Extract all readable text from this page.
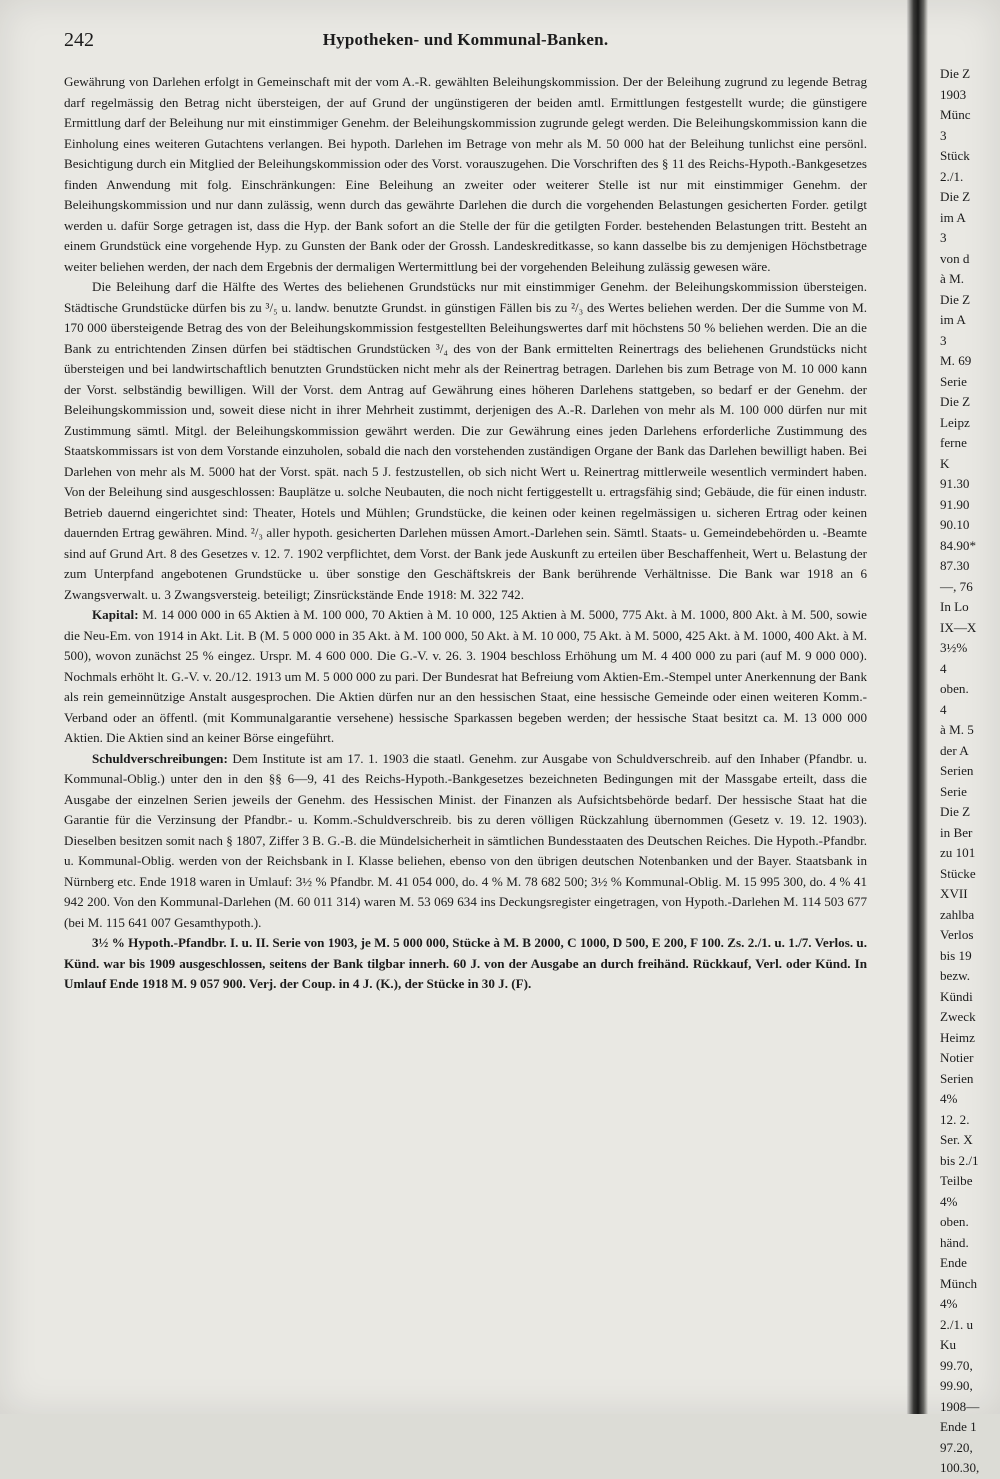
242	Hypotheken- und Kommunal-Banken.

Gewährung von Darlehen erfolgt in Gemeinschaft mit der vom A.-R. gewählten Beleihungskommission. Der der Beleihung zugrund zu legende Betrag darf regelmässig den Betrag nicht übersteigen, der auf Grund der ungünstigeren der beiden amtl. Ermittlungen festgestellt wurde; die günstigere Ermittlung darf der Beleihung nur mit einstimmiger Genehm. der Beleihungskommission zugrunde gelegt werden. Die Beleihungskommission kann die Einholung eines weiteren Gutachtens verlangen. Bei hypoth. Darlehen im Betrage von mehr als M. 50 000 hat der Beleihung tunlichst eine persönl. Besichtigung durch ein Mitglied der Beleihungskommission oder des Vorst. vorauszugehen. Die Vorschriften des § 11 des Reichs-Hypoth.-Bankgesetzes finden Anwendung mit folg. Einschränkungen: Eine Beleihung an zweiter oder weiterer Stelle ist nur mit einstimmiger Genehm. der Beleihungskommission und nur dann zulässig, wenn durch das gewährte Darlehen die durch die vorgehenden Belastungen gesicherten Forder. getilgt werden u. dafür Sorge getragen ist, dass die Hyp. der Bank sofort an die Stelle der für die getilgten Forder. bestehenden Belastungen tritt. Besteht an einem Grundstück eine vorgehende Hyp. zu Gunsten der Bank oder der Grossh. Landeskreditkasse, so kann dasselbe bis zu demjenigen Höchstbetrage weiter beliehen werden, der nach dem Ergebnis der dermaligen Wertermittlung bei der vorgehenden Beleihung zulässig gewesen wäre.

Die Beleihung darf die Hälfte des Wertes des beliehenen Grundstücks nur mit einstimmiger Genehm. der Beleihungskommission übersteigen. Städtische Grundstücke dürfen bis zu ³/₅ u. landw. benutzte Grundst. in günstigen Fällen bis zu ²/₃ des Wertes beliehen werden. Der die Summe von M. 170 000 übersteigende Betrag des von der Beleihungskommission festgestellten Beleihungswertes darf mit höchstens 50 % beliehen werden. Die an die Bank zu entrichtenden Zinsen dürfen bei städtischen Grundstücken ³/₄ des von der Bank ermittelten Reinertrags des beliehenen Grundstücks nicht übersteigen und bei landwirtschaftlich benutzten Grundstücken nicht mehr als der Reinertrag betragen. Darlehen bis zum Betrage von M. 10 000 kann der Vorst. selbständig bewilligen. Will der Vorst. dem Antrag auf Gewährung eines höheren Darlehens stattgeben, so bedarf er der Genehm. der Beleihungskommission und, soweit diese nicht in ihrer Mehrheit zustimmt, derjenigen des A.-R. Darlehen von mehr als M. 100 000 dürfen nur mit Zustimmung sämtl. Mitgl. der Beleihungskommission gewährt werden. Die zur Gewährung eines jeden Darlehens erforderliche Zustimmung des Staatskommissars ist von dem Vorstande einzuholen, sobald die nach den vorstehenden zuständigen Organe der Bank das Darlehen bewilligt haben. Bei Darlehen von mehr als M. 5000 hat der Vorst. spät. nach 5 J. festzustellen, ob sich nicht Wert u. Reinertrag mittlerweile wesentlich vermindert haben. Von der Beleihung sind ausgeschlossen: Bauplätze u. solche Neubauten, die noch nicht fertiggestellt u. ertragsfähig sind; Gebäude, die für einen industr. Betrieb dauernd eingerichtet sind: Theater, Hotels und Mühlen; Grundstücke, die keinen oder keinen regelmässigen u. sicheren Ertrag oder keinen dauernden Ertrag gewähren. Mind. ²/₃ aller hypoth. gesicherten Darlehen müssen Amort.-Darlehen sein. Sämtl. Staats- u. Gemeindebehörden u. -Beamte sind auf Grund Art. 8 des Gesetzes v. 12. 7. 1902 verpflichtet, dem Vorst. der Bank jede Auskunft zu erteilen über Beschaffenheit, Wert u. Belastung der zum Unterpfand angebotenen Grundstücke u. über sonstige den Geschäftskreis der Bank berührende Verhältnisse. Die Bank war 1918 an 6 Zwangsverwalt. u. 3 Zwangsversteig. beteiligt; Zinsrückstände Ende 1918: M. 322 742.

Kapital: M. 14 000 000 in 65 Aktien à M. 100 000, 70 Aktien à M. 10 000, 125 Aktien à M. 5000, 775 Akt. à M. 1000, 800 Akt. à M. 500, sowie die Neu-Em. von 1914 in Akt. Lit. B (M. 5 000 000 in 35 Akt. à M. 100 000, 50 Akt. à M. 10 000, 75 Akt. à M. 5000, 425 Akt. à M. 1000, 400 Akt. à M. 500), wovon zunächst 25 % eingez. Urspr. M. 4 600 000. Die G.-V. v. 26. 3. 1904 beschloss Erhöhung um M. 4 400 000 zu pari (auf M. 9 000 000). Nochmals erhöht lt. G.-V. v. 20./12. 1913 um M. 5 000 000 zu pari. Der Bundesrat hat Befreiung vom Aktien-Em.-Stempel unter Anerkennung der Bank als rein gemeinnützige Anstalt ausgesprochen. Die Aktien dürfen nur an den hessischen Staat, eine hessische Gemeinde oder einen weiteren Komm.-Verband oder an öffentl. (mit Kommunalgarantie versehene) hessische Sparkassen begeben werden; der hessische Staat besitzt ca. M. 13 000 000 Aktien. Die Aktien sind an keiner Börse eingeführt.

Schuldverschreibungen: Dem Institute ist am 17. 1. 1903 die staatl. Genehm. zur Ausgabe von Schuldverschreib. auf den Inhaber (Pfandbr. u. Kommunal-Oblig.) unter den in den §§ 6—9, 41 des Reichs-Hypoth.-Bankgesetzes bezeichneten Bedingungen mit der Massgabe erteilt, dass die Ausgabe der einzelnen Serien jeweils der Genehm. des Hessischen Minist. der Finanzen als Aufsichtsbehörde bedarf. Der hessische Staat hat die Garantie für die Verzinsung der Pfandbr.- u. Komm.-Schuldverschreib. bis zu deren völligen Rückzahlung übernommen (Gesetz v. 19. 12. 1903). Dieselben besitzen somit nach § 1807, Ziffer 3 B. G.-B. die Mündelsicherheit in sämtlichen Bundesstaaten des Deutschen Reiches. Die Hypoth.-Pfandbr. u. Kommunal-Oblig. werden von der Reichsbank in I. Klasse beliehen, ebenso von den übrigen deutschen Notenbanken und der Bayer. Staatsbank in Nürnberg etc. Ende 1918 waren in Umlauf: 3½ % Pfandbr. M. 41 054 000, do. 4 % M. 78 682 500; 3½ % Kommunal-Oblig. M. 15 995 300, do. 4 % 41 942 200. Von den Kommunal-Darlehen (M. 60 011 314) waren M. 53 069 634 ins Deckungsregister eingetragen, von Hypoth.-Darlehen M. 114 503 677 (bei M. 115 641 007 Gesamthypoth.).

3½ % Hypoth.-Pfandbr. I. u. II. Serie von 1903, je M. 5 000 000, Stücke à M. B 2000, C 1000, D 500, E 200, F 100. Zs. 2./1. u. 1./7. Verlos. u. Künd. war bis 1909 ausgeschlossen, seitens der Bank tilgbar innerh. 60 J. von der Ausgabe an durch freihänd. Rückkauf, Verl. oder Künd. In Umlauf Ende 1918 M. 9 057 900. Verj. der Coup. in 4 J. (K.), der Stücke in 30 J. (F).

Die Z
1903
Münc
3
Stück
2./1.
Die Z
im A
3
von d
à M.
Die Z
im A
3
M. 69
Serie
Die Z
Leipz
ferne
K
91.30
91.90
90.10
84.90*
87.30
—, 76
In Lo
IX—X
3½%
4
oben.
4
à M. 5
der A
Serien
Serie
Die Z
in Ber
zu 101
Stücke
XVII
zahlba
Verlos
bis 19
bezw.
Kündi
Zweck
Heimz
Notier
Serien
4%
12. 2.
Ser. X
bis 2./1
Teilbe
4%
oben.
händ.
Ende
Münch
4%
2./1. u
Ku
99.70,
99.90,
1908—
Ende 1
97.20,
100.30,
